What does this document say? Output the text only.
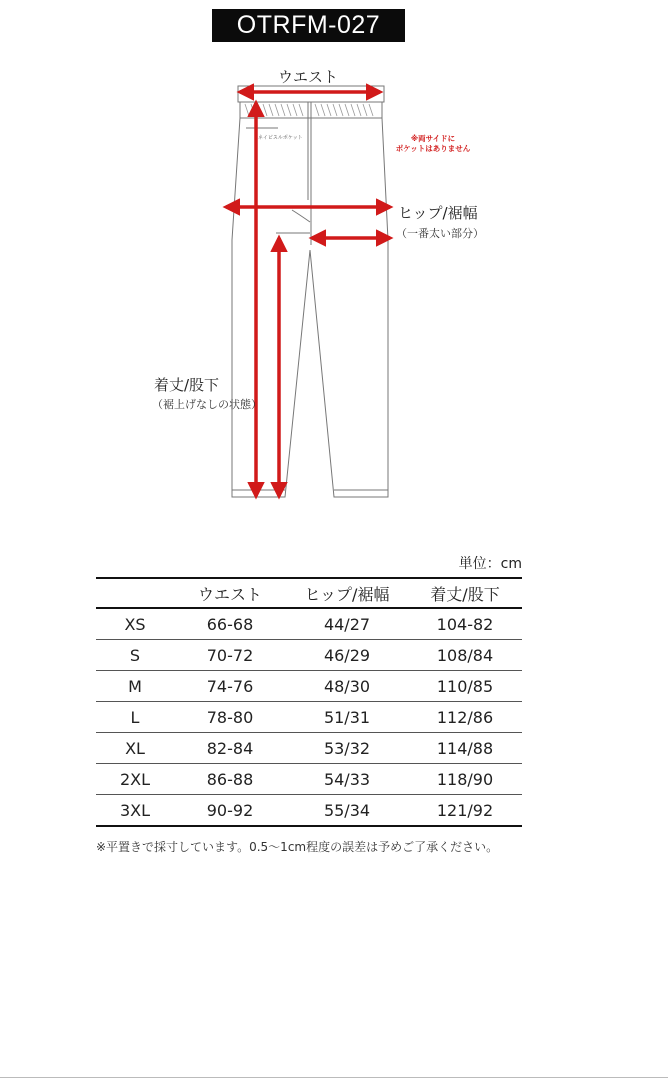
OTRFM-027
ウエスト
ネイビスルポケット	※両サイドに
ポケットはありません
ヒップ/裾幅
（一番太い部分）
着丈/股下
（裾上げなしの状態）
単位：cm
	ウエスト	ヒップ/裾幅	着丈/股下
XS	66-68	44/27	104-82
S	70-72	46/29	108/84
M	74-76	48/30	110/85
L	78-80	51/31	112/86
XL	82-84	53/32	114/88
2XL	86-88	54/33	118/90
3XL	90-92	55/34	121/92
※平置きで採寸しています。0.5〜1cm程度の誤差は予めご了承ください。
